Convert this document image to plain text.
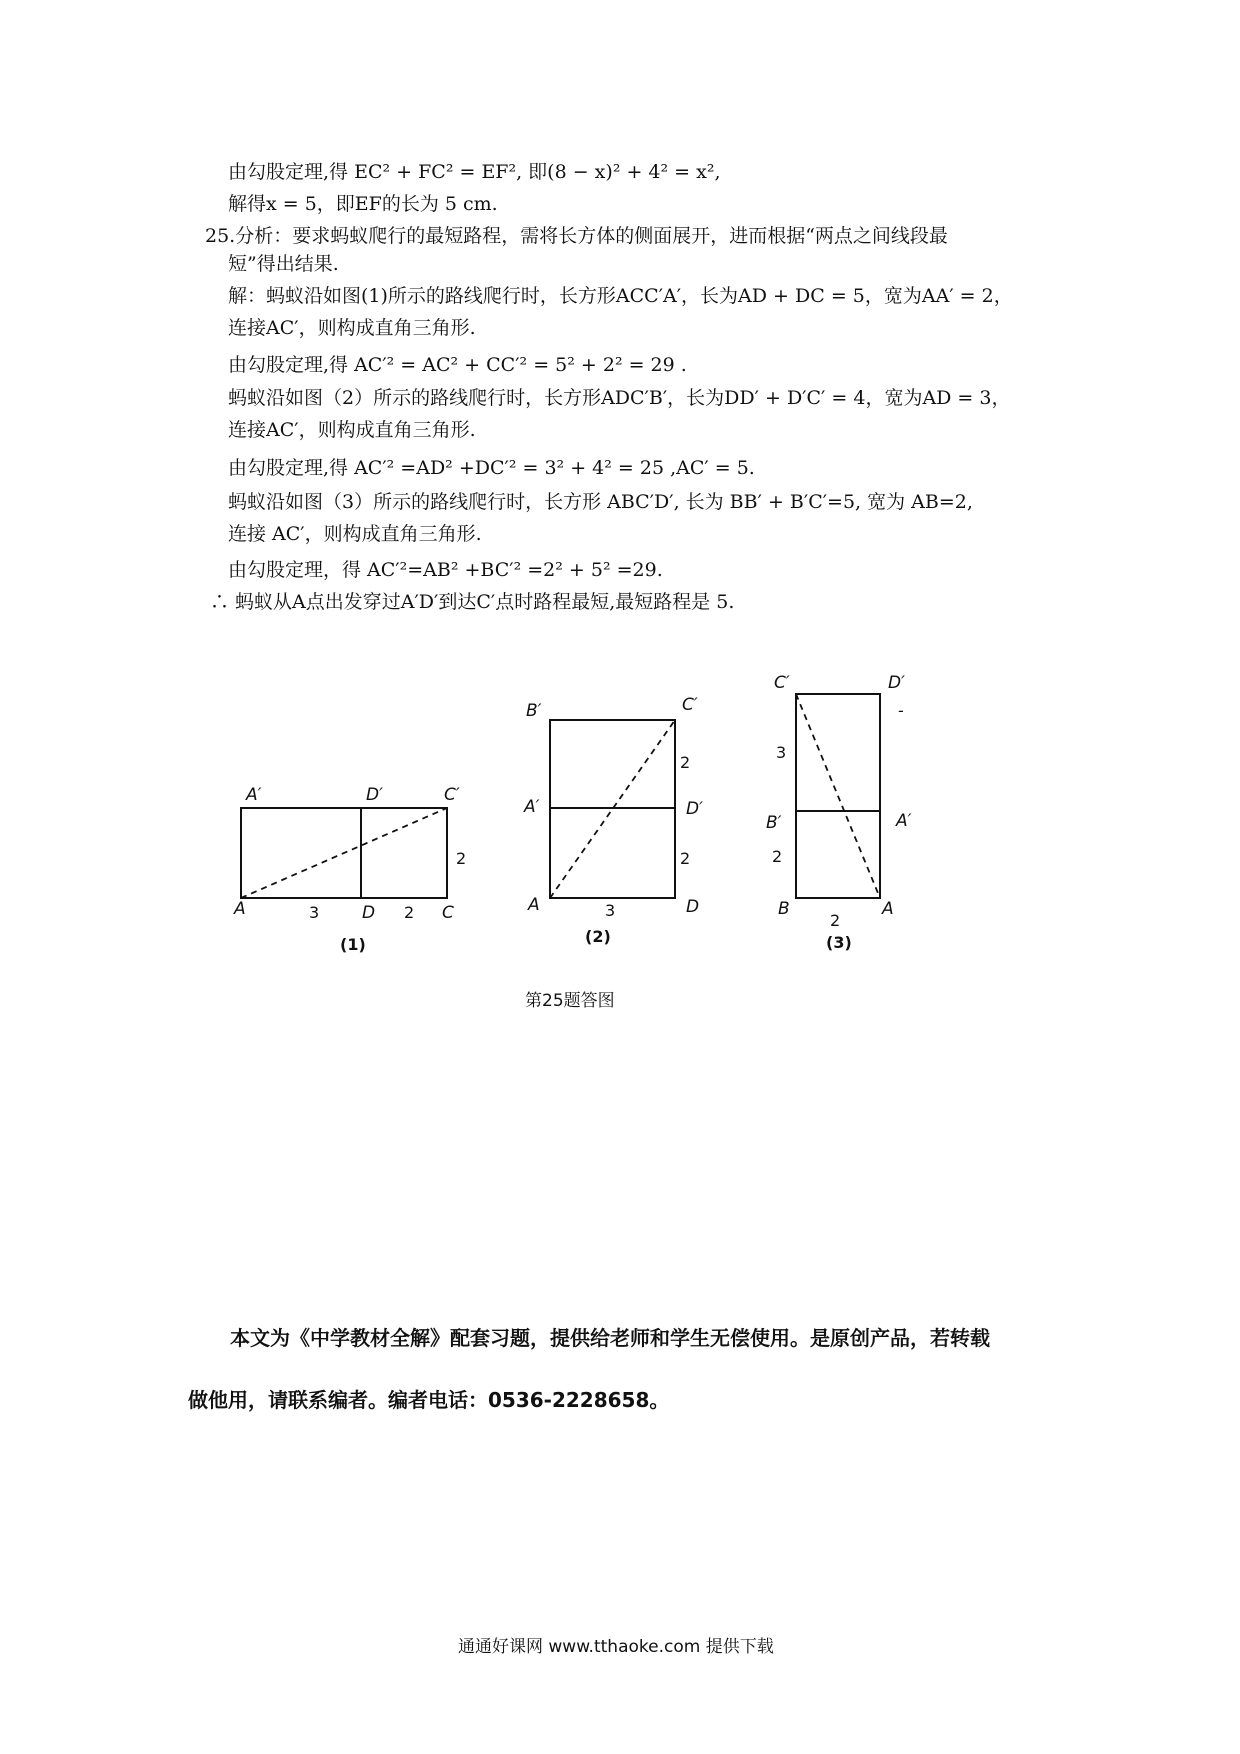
由勾股定理,得 EC² + FC² = EF², 即(8 − x)² + 4² = x²,
解得x = 5，即EF的长为 5 cm.
25.分析：要求蚂蚁爬行的最短路程，需将长方体的侧面展开，进而根据“两点之间线段最
短”得出结果.
解：蚂蚁沿如图(1)所示的路线爬行时，长方形ACC′A′，长为AD + DC = 5，宽为AA′ = 2，
连接AC′，则构成直角三角形.
由勾股定理,得 AC′² = AC² + CC′² = 5² + 2² = 29 .
蚂蚁沿如图（2）所示的路线爬行时，长方形ADC′B′，长为DD′ + D′C′ = 4，宽为AD = 3，
连接AC′，则构成直角三角形.
由勾股定理,得 AC′² =AD² +DC′² = 3² + 4² = 25 ,AC′ = 5.
蚂蚁沿如图（3）所示的路线爬行时，长方形 ABC′D′, 长为 BB′ + B′C′=5, 宽为 AB=2,
连接 AC′，则构成直角三角形.
由勾股定理，得 AC′²=AB² +BC′² =2² + 5² =29.
∴ 蚂蚁从A点出发穿过A′D′到达C′点时路程最短,最短路程是 5.
A′	D′	C′
A	D	C
3	2
2
(1)
B′	C′
A′	D′
A	D
2
2
3
(2)
C′	D′
B′	A′
B	A
3
2
2
-
(3)
第25题答图
本文为《中学教材全解》配套习题，提供给老师和学生无偿使用。是原创产品，若转载
做他用，请联系编者。编者电话：0536-2228658。
通通好课网 www.tthaoke.com 提供下载
